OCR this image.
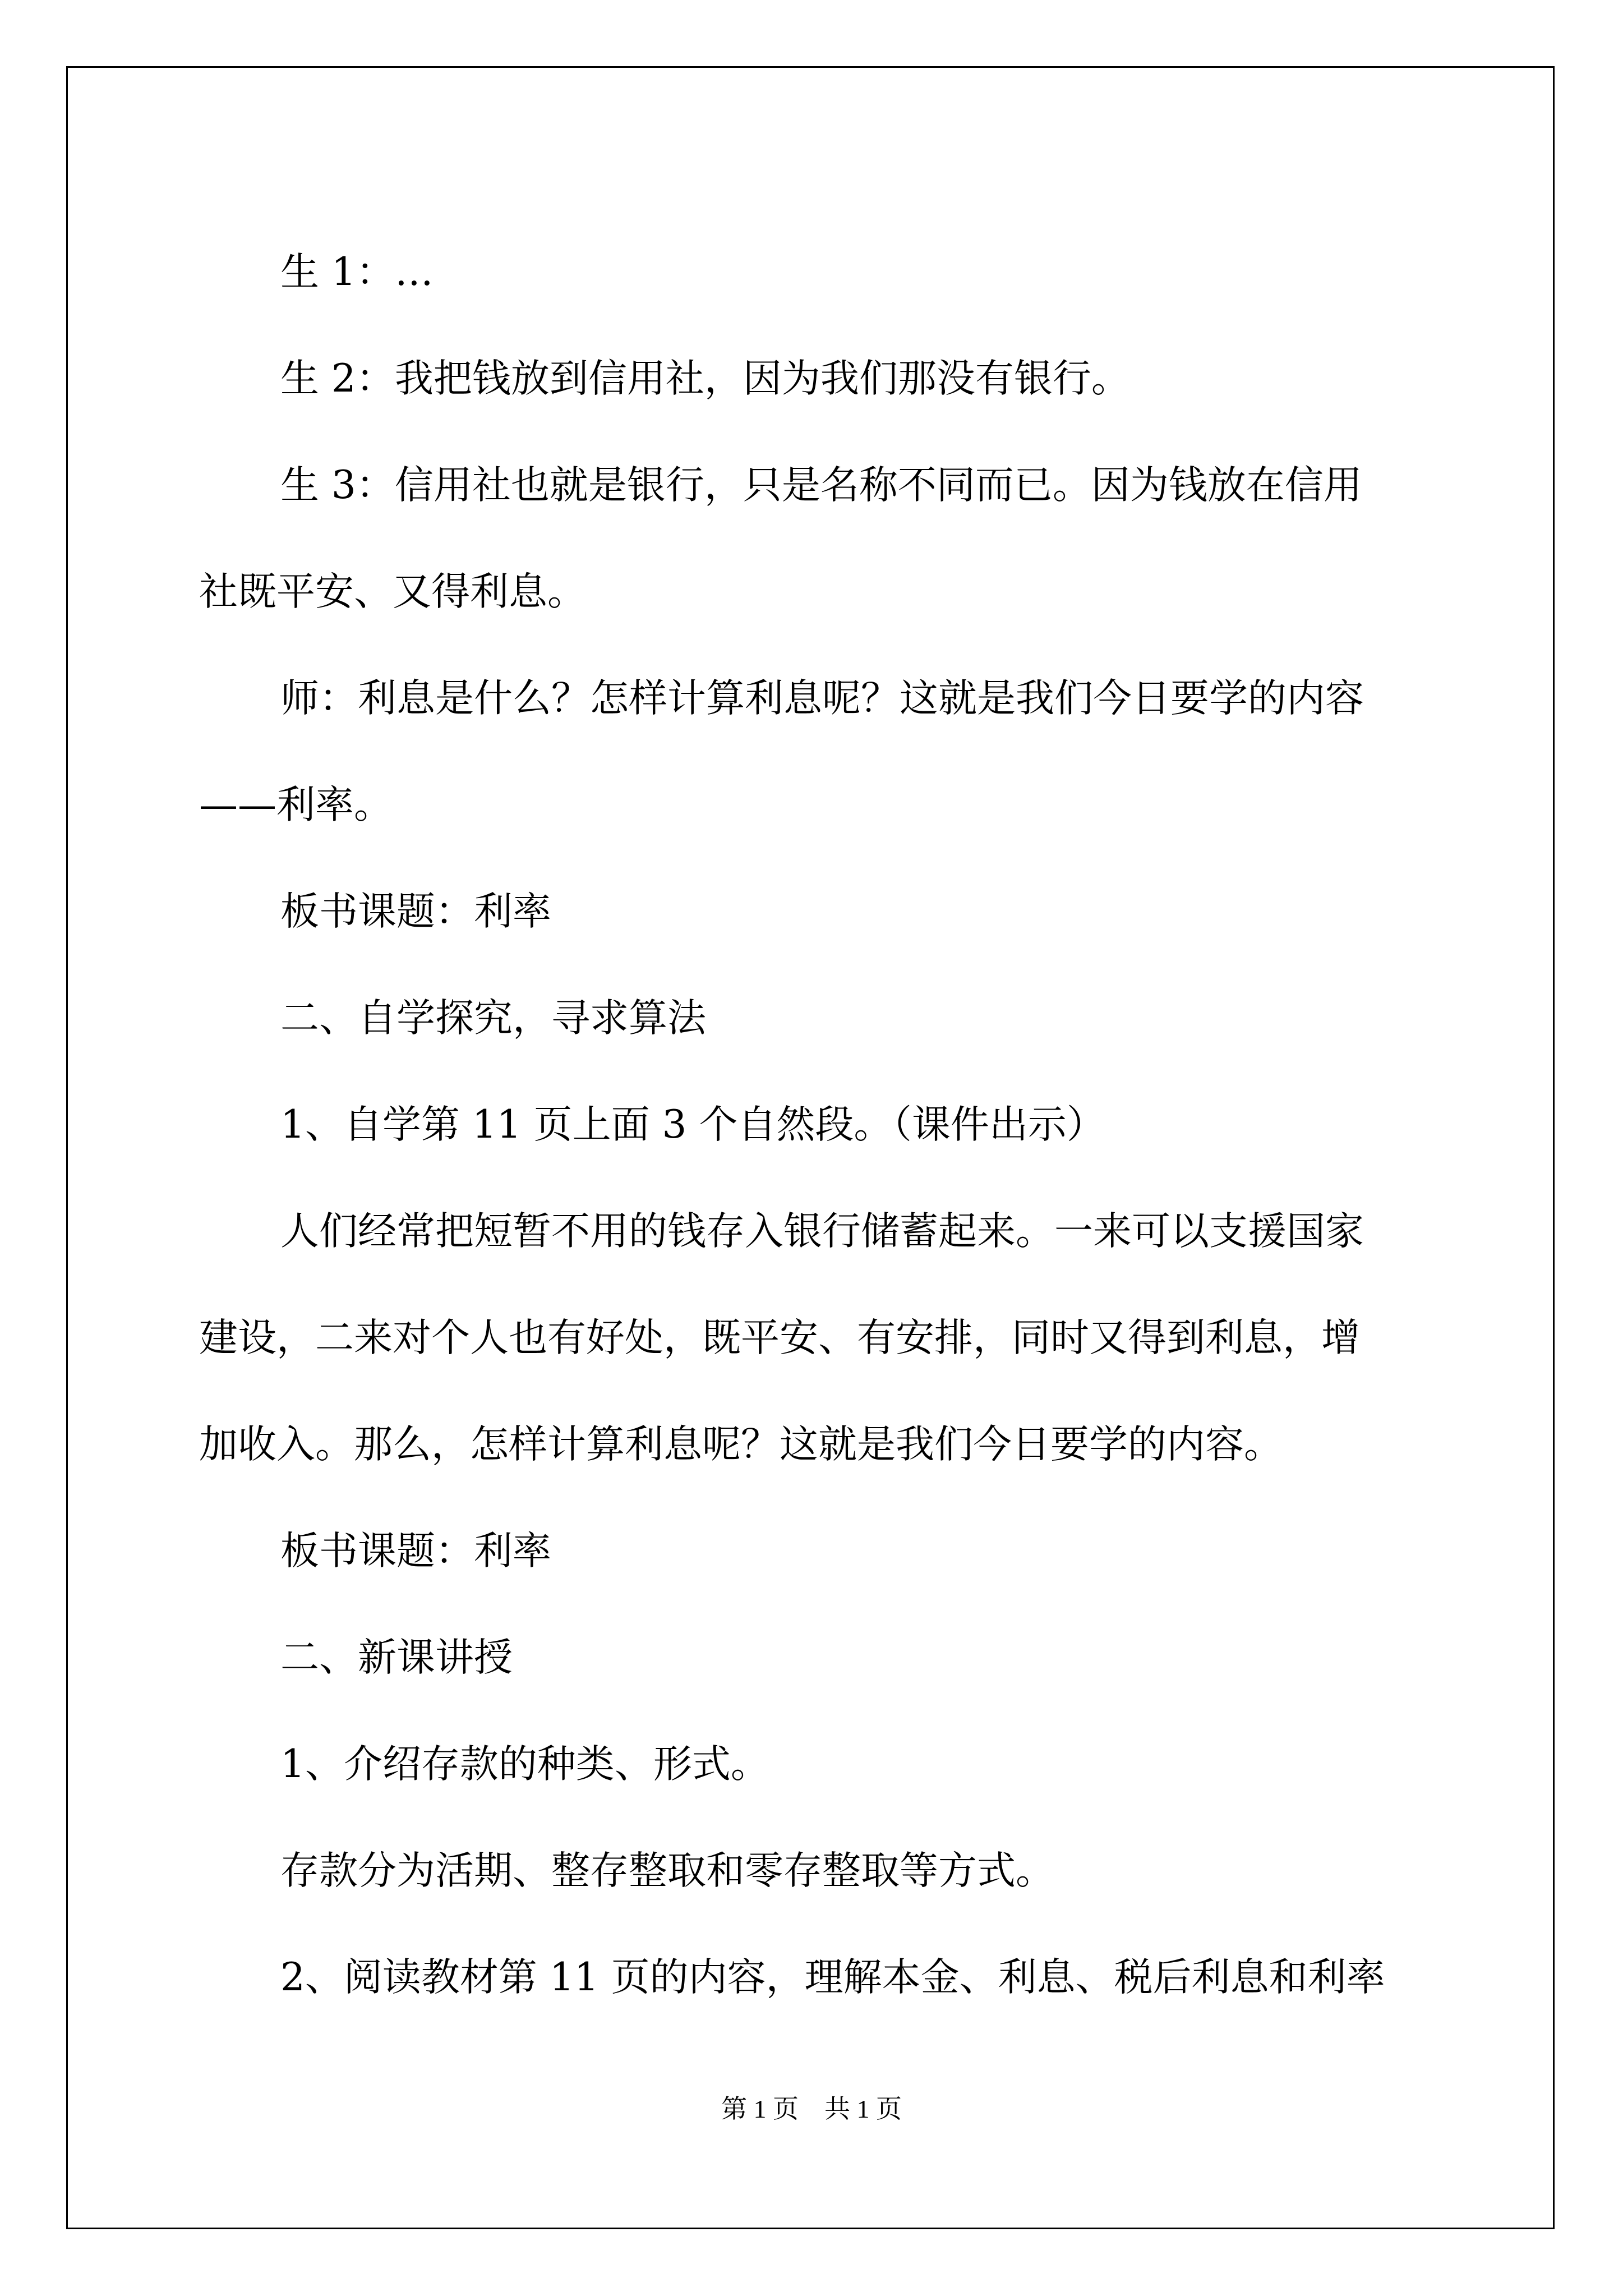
生 1：…

生 2：我把钱放到信用社，因为我们那没有银行。

生 3：信用社也就是银行，只是名称不同而已。因为钱放在信用

社既平安、又得利息。

师：利息是什么？怎样计算利息呢？这就是我们今日要学的内容

——利率。

板书课题：利率

二、自学探究，寻求算法

1、自学第 11 页上面 3 个自然段。（课件出示）

人们经常把短暂不用的钱存入银行储蓄起来。一来可以支援国家

建设，二来对个人也有好处，既平安、有安排，同时又得到利息，增

加收入。那么，怎样计算利息呢？这就是我们今日要学的内容。

板书课题：利率

二、新课讲授

1、介绍存款的种类、形式。

存款分为活期、整存整取和零存整取等方式。

2、阅读教材第 11 页的内容，理解本金、利息、税后利息和利率

第 1 页　共 1 页
